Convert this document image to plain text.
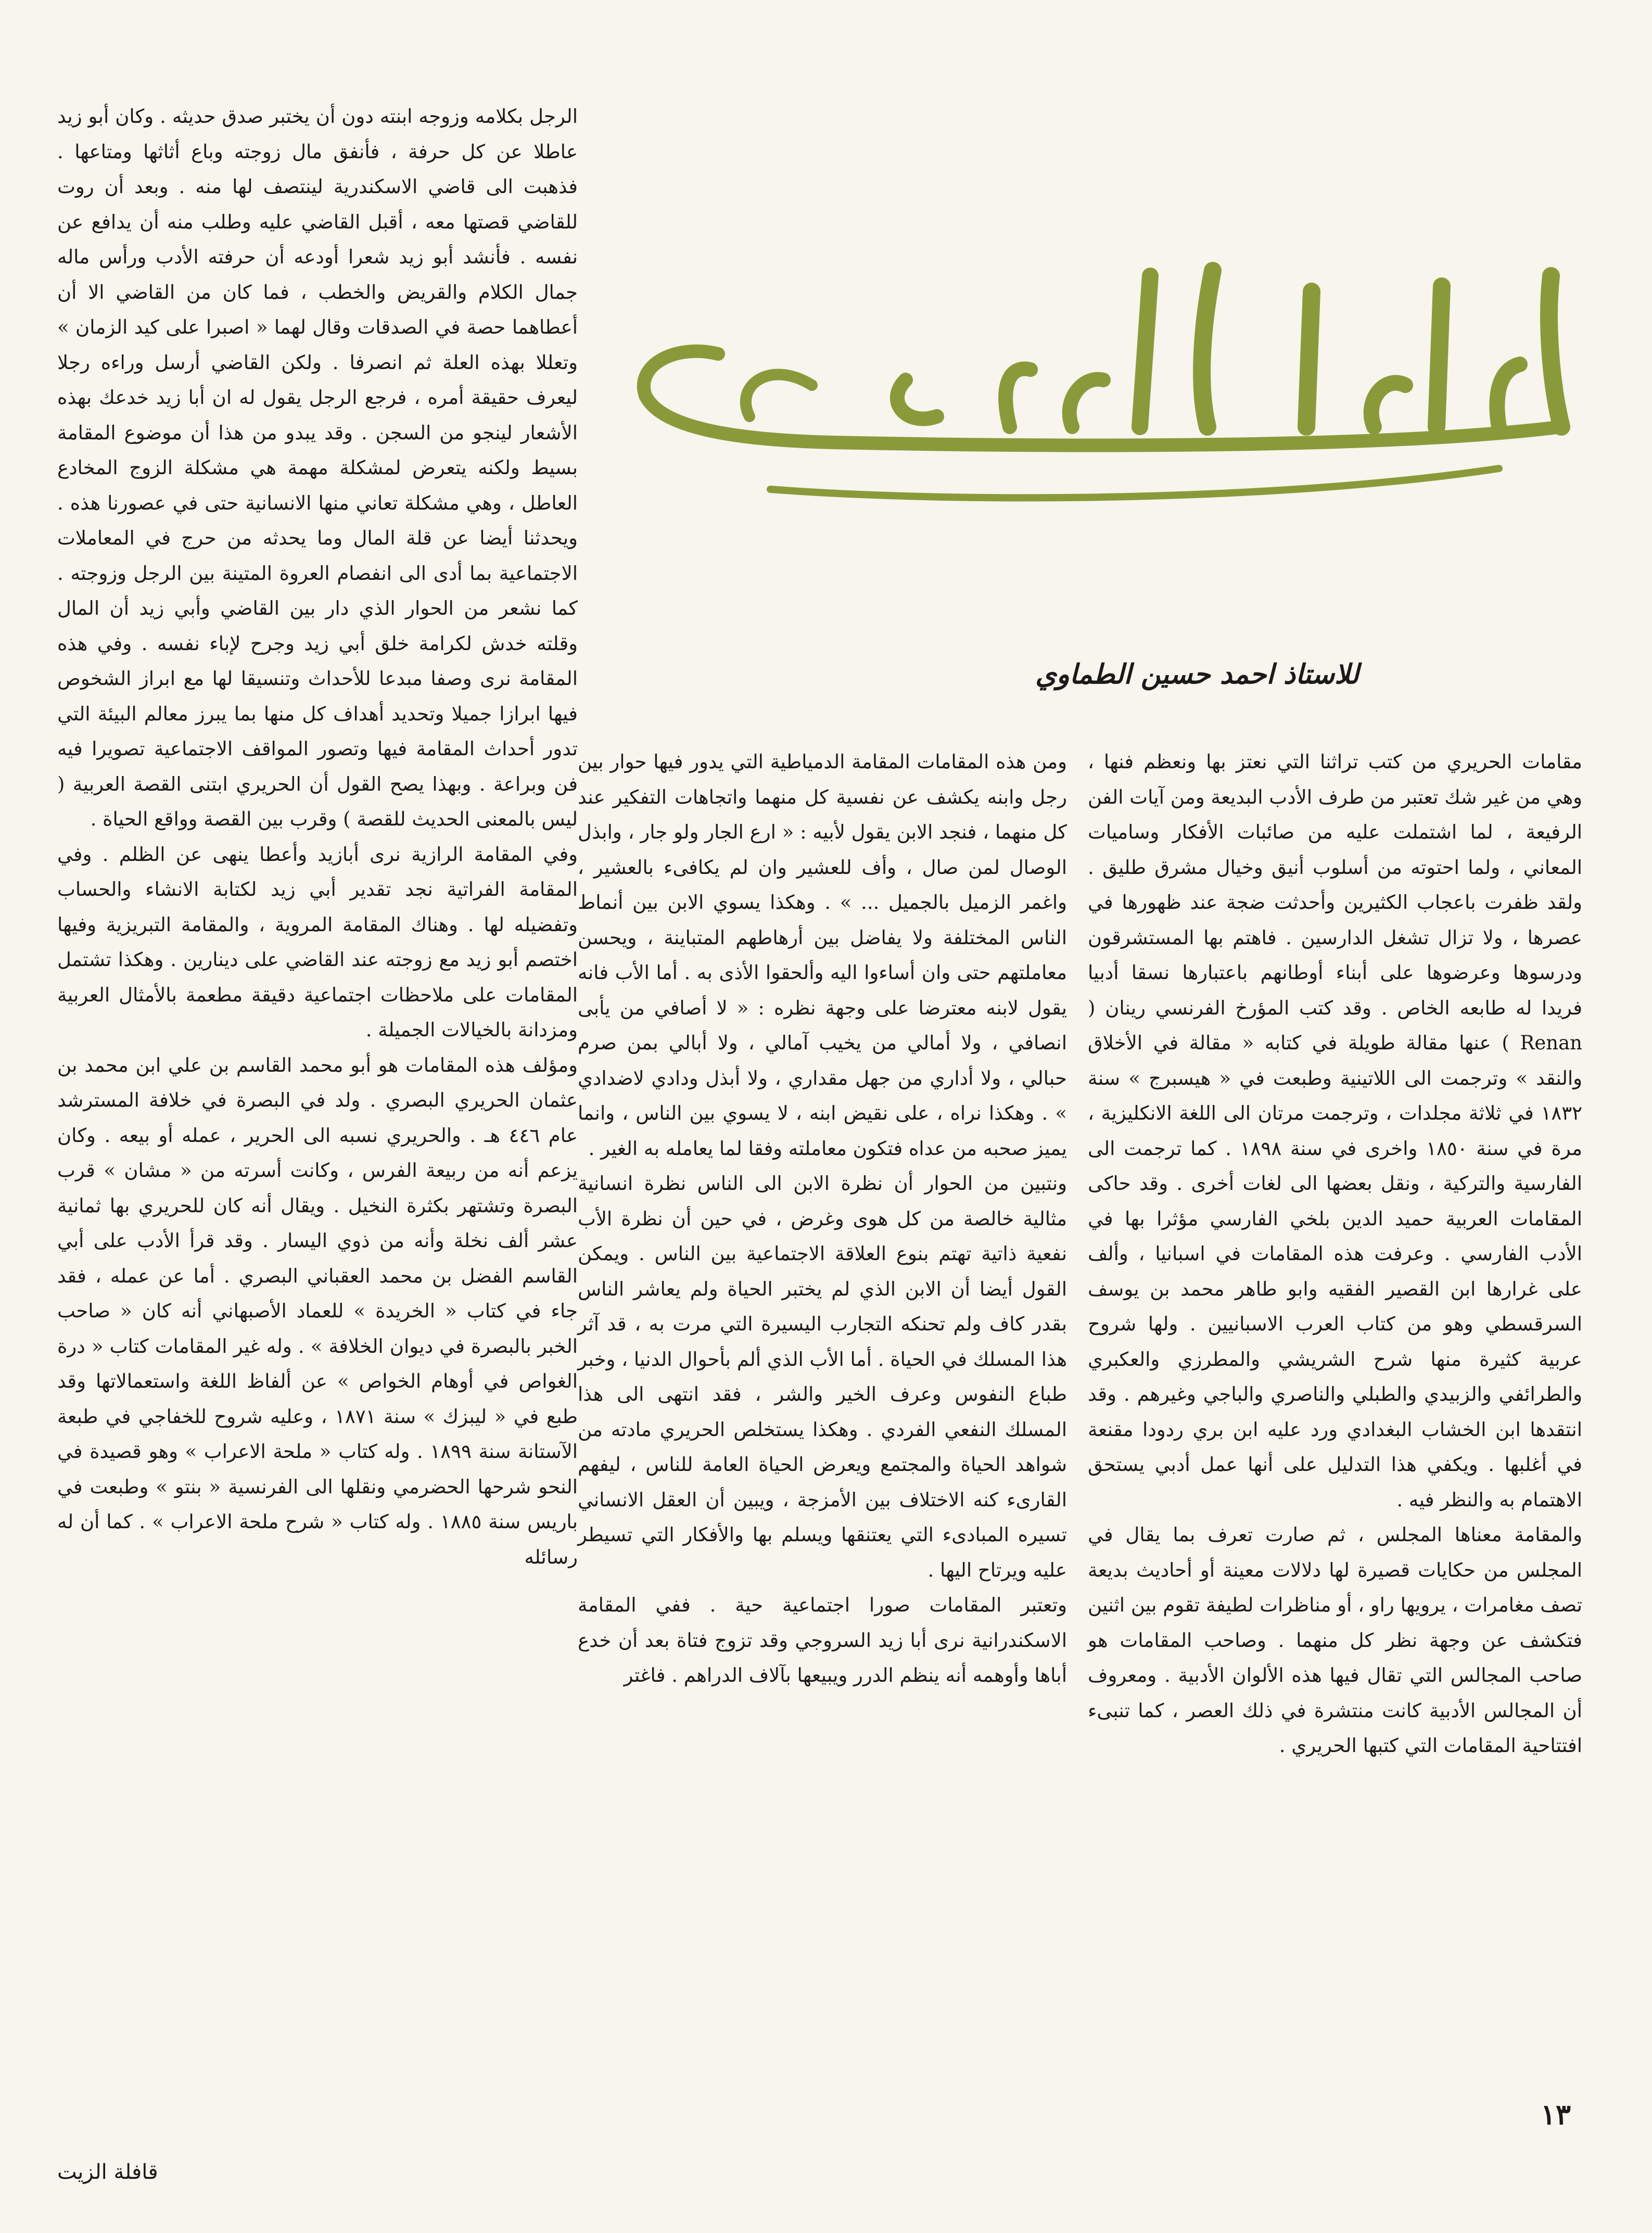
مقامات الحريري
للاستاذ احمد حسين الطماوي

الرجل بكلامه وزوجه ابنته دون أن يختبر صدق حديثه . وكان أبو زيد عاطلا عن كل حرفة ، فأنفق مال زوجته وباع أثاثها ومتاعها . فذهبت الى قاضي الاسكندرية لينتصف لها منه . وبعد أن روت للقاضي قصتها معه ، أقبل القاضي عليه وطلب منه أن يدافع عن نفسه . فأنشد أبو زيد شعرا أودعه أن حرفته الأدب ورأس ماله جمال الكلام والقريض والخطب ، فما كان من القاضي الا أن أعطاهما حصة في الصدقات وقال لهما « اصبرا على كيد الزمان » وتعللا بهذه العلة ثم انصرفا . ولكن القاضي أرسل وراءه رجلا ليعرف حقيقة أمره ، فرجع الرجل يقول له ان أبا زيد خدعك بهذه الأشعار لينجو من السجن . وقد يبدو من هذا أن موضوع المقامة بسيط ولكنه يتعرض لمشكلة مهمة هي مشكلة الزوج المخادع العاطل ، وهي مشكلة تعاني منها الانسانية حتى في عصورنا هذه . ويحدثنا أيضا عن قلة المال وما يحدثه من حرج في المعاملات الاجتماعية بما أدى الى انفصام العروة المتينة بين الرجل وزوجته . كما نشعر من الحوار الذي دار بين القاضي وأبي زيد أن المال وقلته خدش لكرامة خلق أبي زيد وجرح لإباء نفسه . وفي هذه المقامة نرى وصفا مبدعا للأحداث وتنسيقا لها مع ابراز الشخوص فيها ابرازا جميلا وتحديد أهداف كل منها بما يبرز معالم البيئة التي تدور أحداث المقامة فيها وتصور المواقف الاجتماعية تصويرا فيه فن وبراعة . وبهذا يصح القول أن الحريري ابتنى القصة العربية ( ليس بالمعنى الحديث للقصة ) وقرب بين القصة وواقع الحياة .

وفي المقامة الرازية نرى أبازيد وأعطا ينهى عن الظلم . وفي المقامة الفراتية نجد تقدير أبي زيد لكتابة الانشاء والحساب وتفضيله لها . وهناك المقامة المروية ، والمقامة التبريزية وفيها اختصم أبو زيد مع زوجته عند القاضي على دينارين . وهكذا تشتمل المقامات على ملاحظات اجتماعية دقيقة مطعمة بالأمثال العربية ومزدانة بالخيالات الجميلة .

ومؤلف هذه المقامات هو أبو محمد القاسم بن علي ابن محمد بن عثمان الحريري البصري . ولد في البصرة في خلافة المسترشد عام ٤٤٦ هـ . والحريري نسبه الى الحرير ، عمله أو بيعه . وكان يزعم أنه من ربيعة الفرس ، وكانت أسرته من « مشان » قرب البصرة وتشتهر بكثرة النخيل . ويقال أنه كان للحريري بها ثمانية عشر ألف نخلة وأنه من ذوي اليسار . وقد قرأ الأدب على أبي القاسم الفضل بن محمد العقباني البصري . أما عن عمله ، فقد جاء في كتاب « الخريدة » للعماد الأصبهاني أنه كان « صاحب الخبر بالبصرة في ديوان الخلافة » . وله غير المقامات كتاب « درة الغواص في أوهام الخواص » عن ألفاظ اللغة واستعمالاتها وقد طبع في « ليبزك » سنة ١٨٧١ ، وعليه شروح للخفاجي في طبعة الآستانة سنة ١٨٩٩ . وله كتاب « ملحة الاعراب » وهو قصيدة في النحو شرحها الحضرمي ونقلها الى الفرنسية « بنتو » وطبعت في باريس سنة ١٨٨٥ . وله كتاب « شرح ملحة الاعراب » . كما أن له رسائله

ومن هذه المقامات المقامة الدمياطية التي يدور فيها حوار بين رجل وابنه يكشف عن نفسية كل منهما واتجاهات التفكير عند كل منهما ، فنجد الابن يقول لأبيه : « ارع الجار ولو جار ، وابذل الوصال لمن صال ، وأف للعشير وان لم يكافىء بالعشير ، واغمر الزميل بالجميل ... » . وهكذا يسوي الابن بين أنماط الناس المختلفة ولا يفاضل بين أرهاطهم المتباينة ، ويحسن معاملتهم حتى وان أساءوا اليه وألحقوا الأذى به . أما الأب فانه يقول لابنه معترضا على وجهة نظره : « لا أصافي من يأبى انصافي ، ولا أمالي من يخيب آمالي ، ولا أبالي بمن صرم حبالي ، ولا أداري من جهل مقداري ، ولا أبذل ودادي لاضدادي » . وهكذا نراه ، على نقيض ابنه ، لا يسوي بين الناس ، وانما يميز صحبه من عداه فتكون معاملته وفقا لما يعامله به الغير .

ونتبين من الحوار أن نظرة الابن الى الناس نظرة انسانية مثالية خالصة من كل هوى وغرض ، في حين أن نظرة الأب نفعية ذاتية تهتم بنوع العلاقة الاجتماعية بين الناس . ويمكن القول أيضا أن الابن الذي لم يختبر الحياة ولم يعاشر الناس بقدر كاف ولم تحنكه التجارب اليسيرة التي مرت به ، قد آثر هذا المسلك في الحياة . أما الأب الذي ألم بأحوال الدنيا ، وخبر طباع النفوس وعرف الخير والشر ، فقد انتهى الى هذا المسلك النفعي الفردي . وهكذا يستخلص الحريري مادته من شواهد الحياة والمجتمع ويعرض الحياة العامة للناس ، ليفهم القارىء كنه الاختلاف بين الأمزجة ، ويبين أن العقل الانساني تسيره المبادىء التي يعتنقها ويسلم بها والأفكار التي تسيطر عليه ويرتاح اليها .

وتعتبر المقامات صورا اجتماعية حية . ففي المقامة الاسكندرانية نرى أبا زيد السروجي وقد تزوج فتاة بعد أن خدع أباها وأوهمه أنه ينظم الدرر ويبيعها بآلاف الدراهم . فاغتر

مقامات الحريري من كتب تراثنا التي نعتز بها ونعظم فنها ، وهي من غير شك تعتبر من طرف الأدب البديعة ومن آيات الفن الرفيعة ، لما اشتملت عليه من صائبات الأفكار وساميات المعاني ، ولما احتوته من أسلوب أنيق وخيال مشرق طليق . ولقد ظفرت باعجاب الكثيرين وأحدثت ضجة عند ظهورها في عصرها ، ولا تزال تشغل الدارسين . فاهتم بها المستشرقون ودرسوها وعرضوها على أبناء أوطانهم باعتبارها نسقا أدبيا فريدا له طابعه الخاص . وقد كتب المؤرخ الفرنسي رينان ( Renan ) عنها مقالة طويلة في كتابه « مقالة في الأخلاق والنقد » وترجمت الى اللاتينية وطبعت في « هيسبرج » سنة ١٨٣٢ في ثلاثة مجلدات ، وترجمت مرتان الى اللغة الانكليزية ، مرة في سنة ١٨٥٠ واخرى في سنة ١٨٩٨ . كما ترجمت الى الفارسية والتركية ، ونقل بعضها الى لغات أخرى . وقد حاكى المقامات العربية حميد الدين بلخي الفارسي مؤثرا بها في الأدب الفارسي . وعرفت هذه المقامات في اسبانيا ، وألف على غرارها ابن القصير الفقيه وابو طاهر محمد بن يوسف السرقسطي وهو من كتاب العرب الاسبانيين . ولها شروح عربية كثيرة منها شرح الشريشي والمطرزي والعكبري والطرائفي والزبيدي والطبلي والناصري والباجي وغيرهم . وقد انتقدها ابن الخشاب البغدادي ورد عليه ابن بري ردودا مقنعة في أغلبها . ويكفي هذا التدليل على أنها عمل أدبي يستحق الاهتمام به والنظر فيه .

والمقامة معناها المجلس ، ثم صارت تعرف بما يقال في المجلس من حكايات قصيرة لها دلالات معينة أو أحاديث بديعة تصف مغامرات ، يرويها راو ، أو مناظرات لطيفة تقوم بين اثنين فتكشف عن وجهة نظر كل منهما . وصاحب المقامات هو صاحب المجالس التي تقال فيها هذه الألوان الأدبية . ومعروف أن المجالس الأدبية كانت منتشرة في ذلك العصر ، كما تنبىء افتتاحية المقامات التي كتبها الحريري .

١٣
قافلة الزيت
